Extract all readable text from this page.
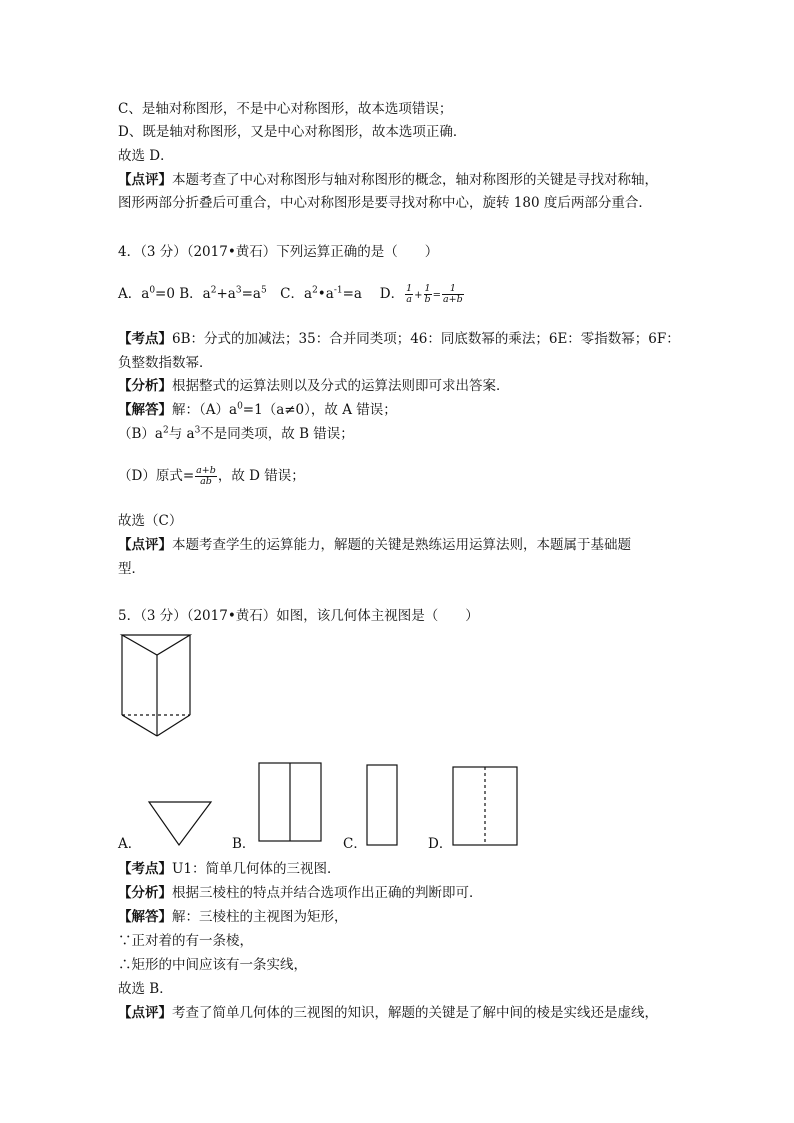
C、是轴对称图形，不是中心对称图形，故本选项错误；
D、既是轴对称图形，又是中心对称图形，故本选项正确．
故选 D．
【点评】本题考查了中心对称图形与轴对称图形的概念，轴对称图形的关键是寻找对称轴，
图形两部分折叠后可重合，中心对称图形是要寻找对称中心，旋转 180 度后两部分重合．
4．（3 分）（2017•黄石）下列运算正确的是（　　）
A．$a^0=0$ B．$a^2+a^3=a^5$　C．$a^2•a^{-1}=a$　 D． $\frac{1}{a} + \frac{1}{b} = \frac{1}{a+b}$
【考点】6B：分式的加减法；35：合并同类项；46：同底数幂的乘法；6E：零指数幂；6F：
负整数指数幂．
【分析】根据整式的运算法则以及分式的运算法则即可求出答案．
【解答】解：$(A)a^0=1(a\ne 0)$，故 A 错误；
$(B)a^2$与 $a^3$不是同类项，故 B 错误；
（D）原式= $\frac{a+b}{ab}$ ，故 D 错误；
故选（C）
【点评】本题考查学生的运算能力，解题的关键是熟练运用运算法则，本题属于基础题
型．
5．（3 分）（2017•黄石）如图，该几何体主视图是（　　）
A．	B．	C．	D．
【考点】U1：简单几何体的三视图．
【分析】根据三棱柱的特点并结合选项作出正确的判断即可．
【解答】解：三棱柱的主视图为矩形，
∵正对着的有一条棱，
∴矩形的中间应该有一条实线，
故选 B．
【点评】考查了简单几何体的三视图的知识，解题的关键是了解中间的棱是实线还是虚线，
